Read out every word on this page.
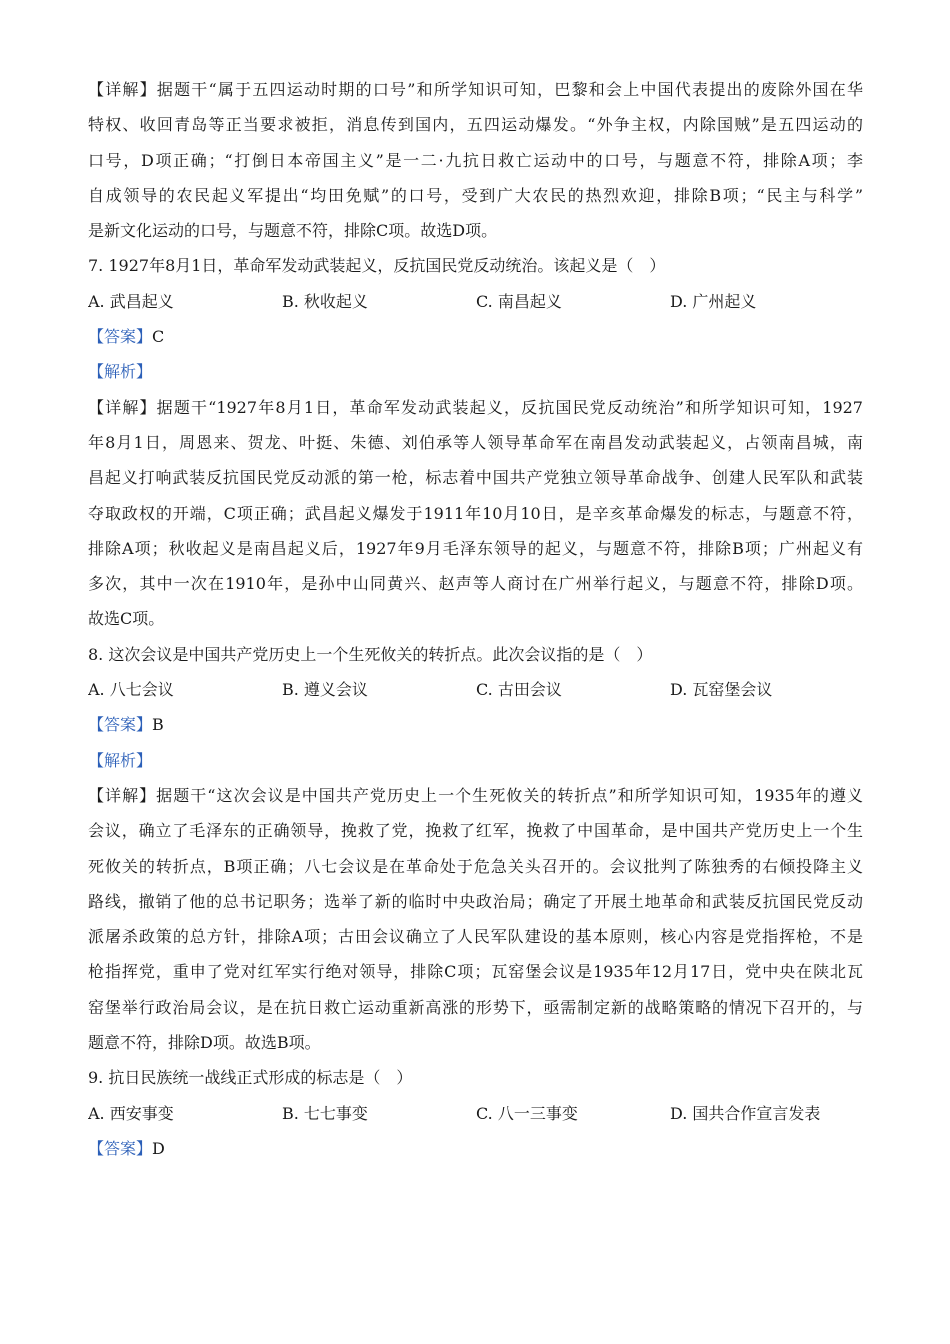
【详解】据题干“属于五四运动时期的口号”和所学知识可知，巴黎和会上中国代表提出的废除外国在华
特权、收回青岛等正当要求被拒，消息传到国内，五四运动爆发。“外争主权，内除国贼”是五四运动的
口号，D项正确；“打倒日本帝国主义”是一二·九抗日救亡运动中的口号，与题意不符，排除A项；李
自成领导的农民起义军提出“均田免赋”的口号，受到广大农民的热烈欢迎，排除B项；“民主与科学”
是新文化运动的口号，与题意不符，排除C项。故选D项。
7. 1927年8月1日，革命军发动武装起义，反抗国民党反动统治。该起义是（　）
A. 武昌起义	B. 秋收起义	C. 南昌起义	D. 广州起义
【答案】C
【解析】
【详解】据题干“1927年8月1日，革命军发动武装起义，反抗国民党反动统治”和所学知识可知，1927
年8月1日，周恩来、贺龙、叶挺、朱德、刘伯承等人领导革命军在南昌发动武装起义，占领南昌城，南
昌起义打响武装反抗国民党反动派的第一枪，标志着中国共产党独立领导革命战争、创建人民军队和武装
夺取政权的开端，C项正确；武昌起义爆发于1911年10月10日，是辛亥革命爆发的标志，与题意不符，
排除A项；秋收起义是南昌起义后，1927年9月毛泽东领导的起义，与题意不符，排除B项；广州起义有
多次，其中一次在1910年，是孙中山同黄兴、赵声等人商讨在广州举行起义，与题意不符，排除D项。
故选C项。
8. 这次会议是中国共产党历史上一个生死攸关的转折点。此次会议指的是（　）
A. 八七会议	B. 遵义会议	C. 古田会议	D. 瓦窑堡会议
【答案】B
【解析】
【详解】据题干“这次会议是中国共产党历史上一个生死攸关的转折点”和所学知识可知，1935年的遵义
会议，确立了毛泽东的正确领导，挽救了党，挽救了红军，挽救了中国革命，是中国共产党历史上一个生
死攸关的转折点，B项正确；八七会议是在革命处于危急关头召开的。会议批判了陈独秀的右倾投降主义
路线，撤销了他的总书记职务；选举了新的临时中央政治局；确定了开展土地革命和武装反抗国民党反动
派屠杀政策的总方针，排除A项；古田会议确立了人民军队建设的基本原则，核心内容是党指挥枪，不是
枪指挥党，重申了党对红军实行绝对领导，排除C项；瓦窑堡会议是1935年12月17日，党中央在陕北瓦
窑堡举行政治局会议，是在抗日救亡运动重新高涨的形势下，亟需制定新的战略策略的情况下召开的，与
题意不符，排除D项。故选B项。
9. 抗日民族统一战线正式形成的标志是（　）
A. 西安事变	B. 七七事变	C. 八一三事变	D. 国共合作宣言发表
【答案】D
